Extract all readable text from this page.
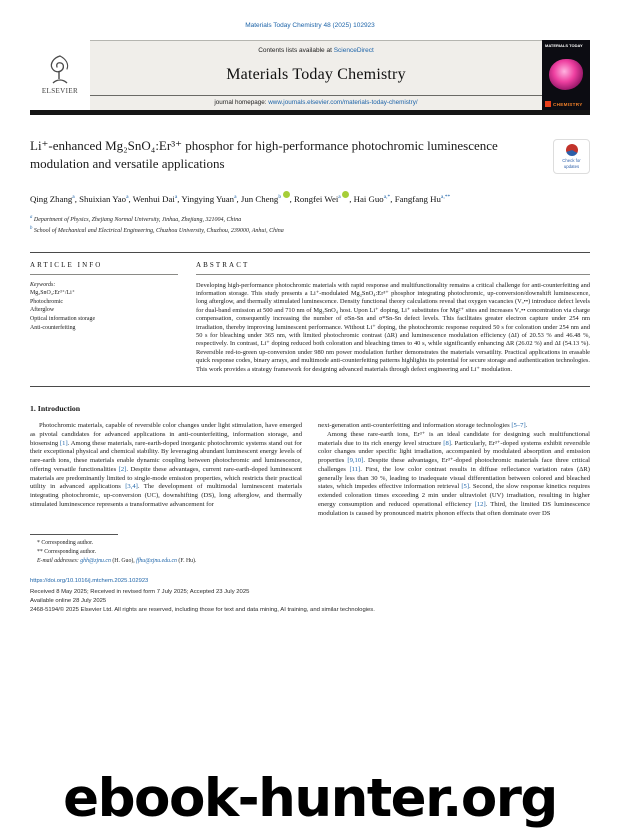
Materials Today Chemistry 48 (2025) 102923
ELSEVIER
Contents lists available at ScienceDirect
Materials Today Chemistry
journal homepage: www.journals.elsevier.com/materials-today-chemistry/
MATERIALS TODAY
CHEMISTRY
Li⁺-enhanced Mg₂SnO₄:Er³⁺ phosphor for high-performance photochromic luminescence modulation and versatile applications	Check for updates
Qing Zhang$^a$, Shuixian Yao$^a$, Wenhui Dai$^a$, Yingying Yuan$^a$, Jun Cheng$^b$ , Rongfei Wei$^a$ , Hai Guo$^{a,*}$, Fangfang $Hu^{a,**}$
$^a$ Department of Physics, Zhejiang Normal University, Jinhua, Zhejiang, 321004, China
$^b$ School of Mechanical and Electrical Engineering, Chuzhou University, Chuzhou, 239000, Anhui, China
ARTICLE INFO
Keywords:
Mg₂SnO₄:Er³⁺/Li⁺
Photochromic
Afterglow
Optical information storage
Anti-counterfeiting
ABSTRACT

Developing high-performance photochromic materials with rapid response and multifunctionality remains a critical challenge for anti-counterfeiting and information storage. This study presents a Li⁺-modulated Mg₂SnO₄:Er³⁺ phosphor integrating photochromic, up-conversion/downshift luminescence, long afterglow, and thermally stimulated luminescence. Density functional theory calculations reveal that oxygen vacancies (Vₒ••) introduce defect levels for dual-band emission at 500 and 710 nm of Mg₂SnO₄ host. Upon Li⁺ doping, Li⁺ substitutes for Mg²⁺ sites and increases Vₒ•• concentration via charge compensation, consequently increasing the number of σSn-Sn and σ*Sn-Sn defect levels. This facilitates greater electron capture under 254 nm irradiation, thereby improving luminescent performance. Without Li⁺ doping, the photochromic response required 50 s for coloration under 254 nm and 50 s for bleaching under 365 nm, with limited photochromic contrast (ΔR) and luminescence modulation efficiency (ΔI) of 20.53 % and 46.48 %, respectively. In contrast, Li⁺ doping reduced both coloration and bleaching times to 40 s, while significantly enhancing ΔR (26.02 %) and ΔI (54.13 %). Reversible red-to-green up-conversion under 980 nm power modulation further demonstrates the materials versatility. Practical applications in erasable quick response codes, binary arrays, and multimode anti-counterfeiting patterns highlights its potential for secure storage and authentication technologies. This work provides a strategy framework for designing advanced materials through defect engineering and Li⁺ modulation.

1. Introduction

Photochromic materials, capable of reversible color changes under light stimulation, have emerged as pivotal candidates for advanced applications in anti-counterfeiting, information storage, and biosensing [1]. Among these materials, rare-earth-doped inorganic photochromic systems stand out for their exceptional physical and chemical stability. By leveraging abundant luminescent energy levels of rare-earth ions, these materials enable dynamic coupling between photochromic and luminescence, offering versatile functionalities [2]. Despite these advantages, current rare-earth-doped luminescent materials are predominantly limited to single-mode emission properties, which restricts their practical utility in advanced applications [3,4]. The development of multimodal luminescent materials integrating photochromic, up-conversion (UC), downshifting (DS), long afterglow, and thermally stimulated luminescence represents a transformative advancement for

next-generation anti-counterfeiting and information storage technologies [5–7].

Among these rare-earth ions, Er³⁺ is an ideal candidate for designing such multifunctional materials due to its rich energy level structure [8]. Particularly, Er³⁺-doped systems exhibit reversible color changes under specific light irradiation, accompanied by modulated absorption and emission properties [9,10]. Despite these advantages, Er³⁺-doped photochromic materials face three critical challenges [11]. First, the low color contrast results in diffuse reflectance variation rates (ΔR) generally less than 30 %, leading to inadequate visual differentiation between colored and bleached states, which impedes effective information retrieval [5]. Second, the slow response kinetics requires extended coloration times exceeding 2 min under ultraviolet (UV) irradiation, resulting in higher energy consumption and reduced operational efficiency [12]. Third, the limited DS luminescence modulation is caused by pronounced matrix phonon effects that often dominate over DS

* Corresponding author.
** Corresponding author.
E-mail addresses: ghh@zjnu.cn (H. Guo), ffhu@zjnu.edu.cn (F. Hu).
https://doi.org/10.1016/j.mtchem.2025.102923
Received 8 May 2025; Received in revised form 7 July 2025; Accepted 23 July 2025
Available online 28 July 2025
2468-5194/© 2025 Elsevier Ltd. All rights are reserved, including those for text and data mining, AI training, and similar technologies.
ebook-hunter.org
